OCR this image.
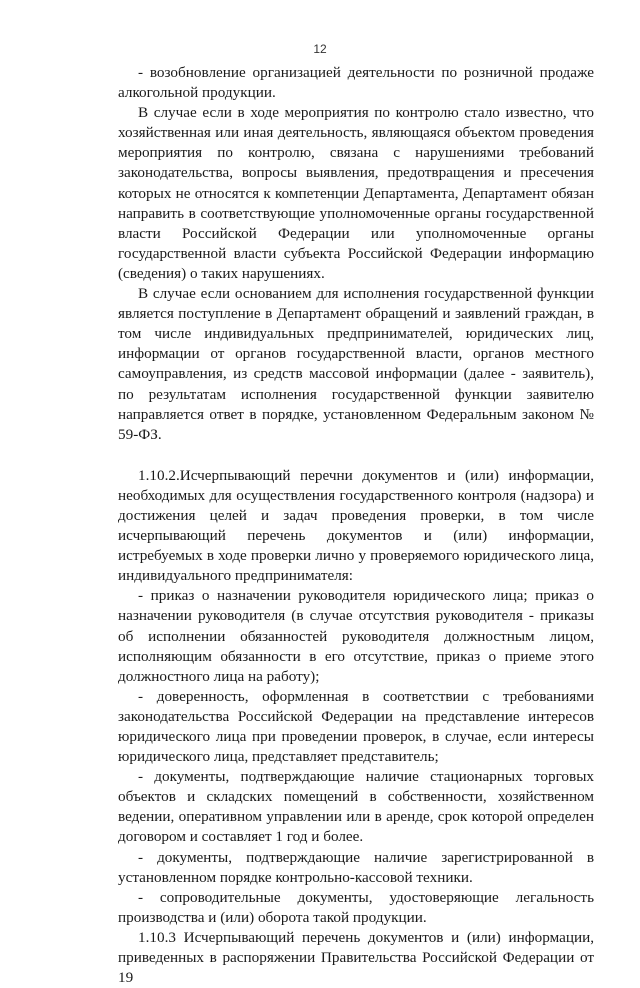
12

- возобновление организацией деятельности по розничной продаже алкогольной продукции.

В случае если в ходе мероприятия по контролю стало известно, что хозяйственная или иная деятельность, являющаяся объектом проведения мероприятия по контролю, связана с нарушениями требований законодательства, вопросы выявления, предотвращения и пресечения которых не относятся к компетенции Департамента, Департамент обязан направить в соответствующие уполномоченные органы государственной власти Российской Федерации или уполномоченные органы государственной власти субъекта Российской Федерации информацию (сведения) о таких нарушениях.

В случае если основанием для исполнения государственной функции является поступление в Департамент обращений и заявлений граждан, в том числе индивидуальных предпринимателей, юридических лиц, информации от органов государственной власти, органов местного самоуправления, из средств массовой информации (далее - заявитель), по результатам исполнения государственной функции заявителю направляется ответ в порядке, установленном Федеральным законом № 59-ФЗ.

1.10.2.Исчерпывающий перечни документов и (или) информации, необходимых для осуществления государственного контроля (надзора) и достижения целей и задач проведения проверки, в том числе исчерпывающий перечень документов и (или) информации, истребуемых в ходе проверки лично у проверяемого юридического лица, индивидуального предпринимателя:

- приказ о назначении руководителя юридического лица; приказ о назначении руководителя (в случае отсутствия руководителя - приказы об исполнении обязанностей руководителя должностным лицом, исполняющим обязанности в его отсутствие, приказ о приеме этого должностного лица на работу);

- доверенность, оформленная в соответствии с требованиями законодательства Российской Федерации на представление интересов юридического лица при проведении проверок, в случае, если интересы юридического лица, представляет представитель;

- документы, подтверждающие наличие стационарных торговых объектов и складских помещений в собственности, хозяйственном ведении, оперативном управлении или в аренде, срок которой определен договором и составляет 1 год и более.

- документы, подтверждающие наличие зарегистрированной в установленном порядке контрольно-кассовой техники.

- сопроводительные документы, удостоверяющие легальность производства и (или) оборота такой продукции.

1.10.3 Исчерпывающий перечень документов и (или) информации, приведенных в распоряжении Правительства Российской Федерации от 19
